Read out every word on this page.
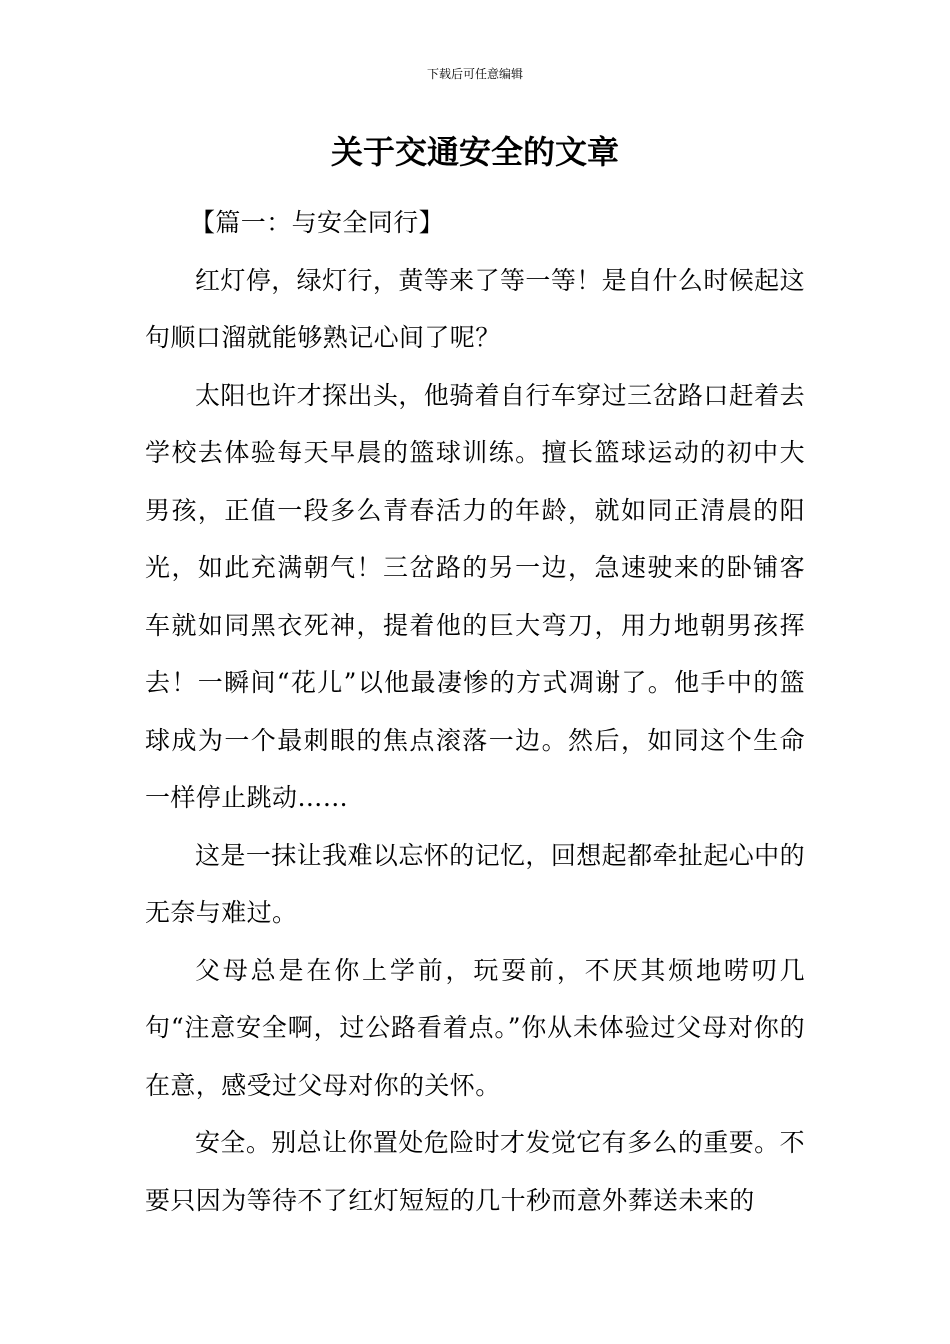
下载后可任意编辑
关于交通安全的文章

【篇一：与安全同行】

红灯停，绿灯行，黄等来了等一等！是自什么时候起这句顺口溜就能够熟记心间了呢？

太阳也许才探出头，他骑着自行车穿过三岔路口赶着去学校去体验每天早晨的篮球训练。擅长篮球运动的初中大男孩，正值一段多么青春活力的年龄，就如同正清晨的阳光，如此充满朝气！三岔路的另一边，急速驶来的卧铺客车就如同黑衣死神，提着他的巨大弯刀，用力地朝男孩挥去！一瞬间“花儿”以他最凄惨的方式凋谢了。他手中的篮球成为一个最刺眼的焦点滚落一边。然后，如同这个生命一样停止跳动……

这是一抹让我难以忘怀的记忆，回想起都牵扯起心中的无奈与难过。

父母总是在你上学前，玩耍前，不厌其烦地唠叨几句“注意安全啊，过公路看着点。”你从未体验过父母对你的在意，感受过父母对你的关怀。

安全。别总让你置处危险时才发觉它有多么的重要。不要只因为等待不了红灯短短的几十秒而意外葬送未来的
